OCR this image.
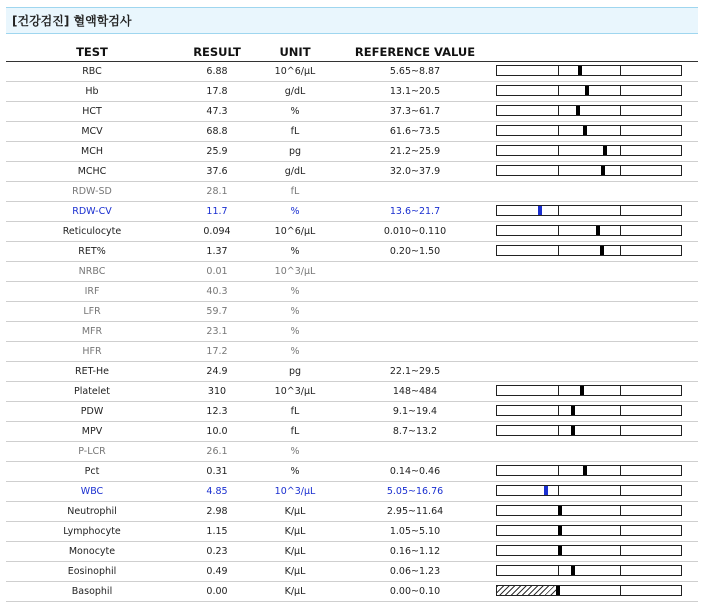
[건강검진] 혈액학검사
TEST	RESULT	UNIT	REFERENCE VALUE	
RBC	6.88	10^6/µL	5.65~8.87	

Hb	17.8	g/dL	13.1~20.5	

HCT	47.3	%	37.3~61.7	

MCV	68.8	fL	61.6~73.5	

MCH	25.9	pg	21.2~25.9	

MCHC	37.6	g/dL	32.0~37.9	

RDW-SD	28.1	fL		
RDW-CV	11.7	%	13.6~21.7	

Reticulocyte	0.094	10^6/µL	0.010~0.110	

RET%	1.37	%	0.20~1.50	

NRBC	0.01	10^3/µL		
IRF	40.3	%		
LFR	59.7	%		
MFR	23.1	%		
HFR	17.2	%		
RET-He	24.9	pg	22.1~29.5	
Platelet	310	10^3/µL	148~484	

PDW	12.3	fL	9.1~19.4	

MPV	10.0	fL	8.7~13.2	

P-LCR	26.1	%		
Pct	0.31	%	0.14~0.46	

WBC	4.85	10^3/µL	5.05~16.76	

Neutrophil	2.98	K/µL	2.95~11.64	

Lymphocyte	1.15	K/µL	1.05~5.10	

Monocyte	0.23	K/µL	0.16~1.12	

Eosinophil	0.49	K/µL	0.06~1.23	

Basophil	0.00	K/µL	0.00~0.10	
